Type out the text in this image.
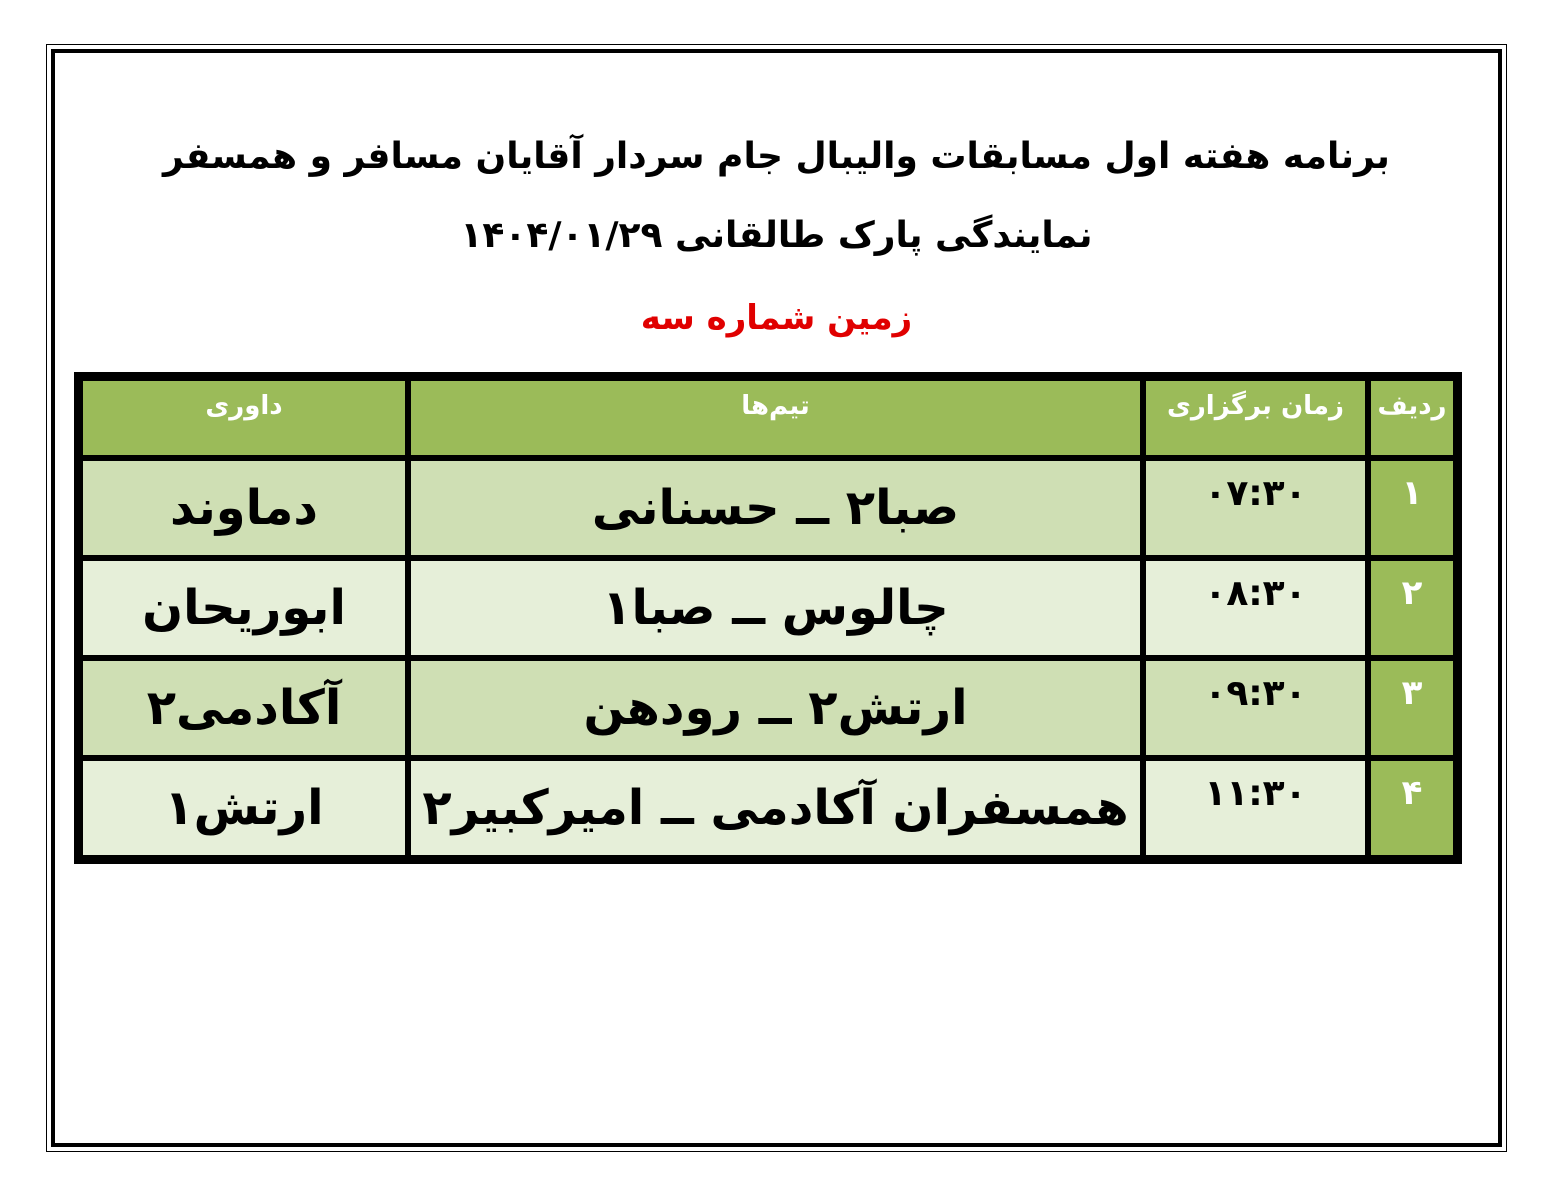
برنامه هفته اول مسابقات والیبال جام سردار آقایان مسافر و همسفر
نمایندگی پارک طالقانی ۱۴۰۴/۰۱/۲۹
زمین شماره سه
ردیف	زمان برگزاری	تیم‌ها	داوری
۱	۰۷:۳۰	صبا۲ ــ حسنانی	دماوند
۲	۰۸:۳۰	چالوس ــ صبا۱	ابوریحان
۳	۰۹:۳۰	ارتش۲ ــ رودهن	آکادمی۲
۴	۱۱:۳۰	همسفران آکادمی ــ امیرکبیر۲	ارتش۱
